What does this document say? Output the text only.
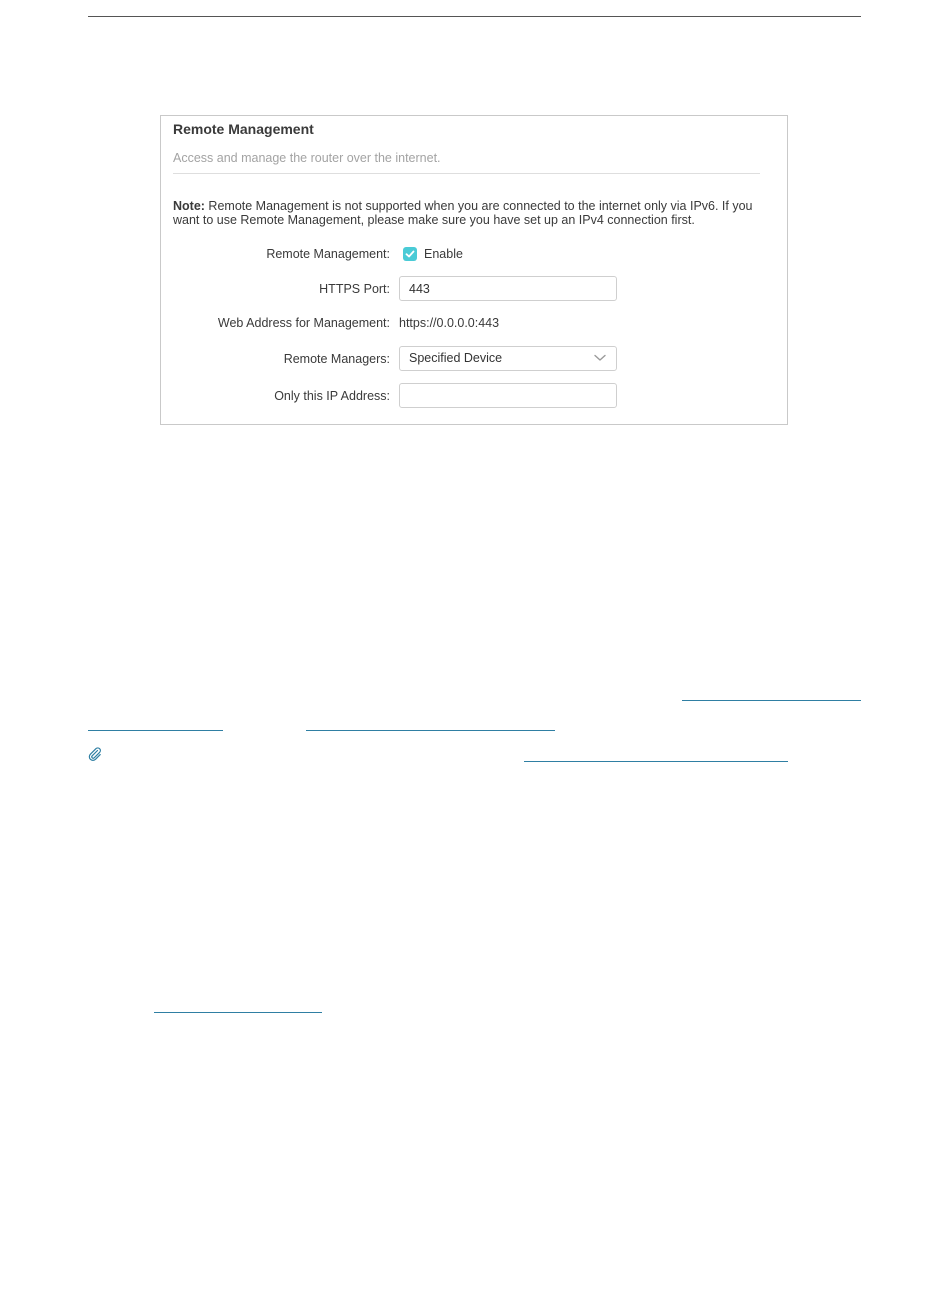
Remote Management
Access and manage the router over the internet.
Note: Remote Management is not supported when you are connected to the internet only via IPv6. If you want to use Remote Management, please make sure you have set up an IPv4 connection first.
Remote Management:	Enable
HTTPS Port:
443
Web Address for Management: https://0.0.0.0:443
Remote Managers: Specified Device
Only this IP Address:
